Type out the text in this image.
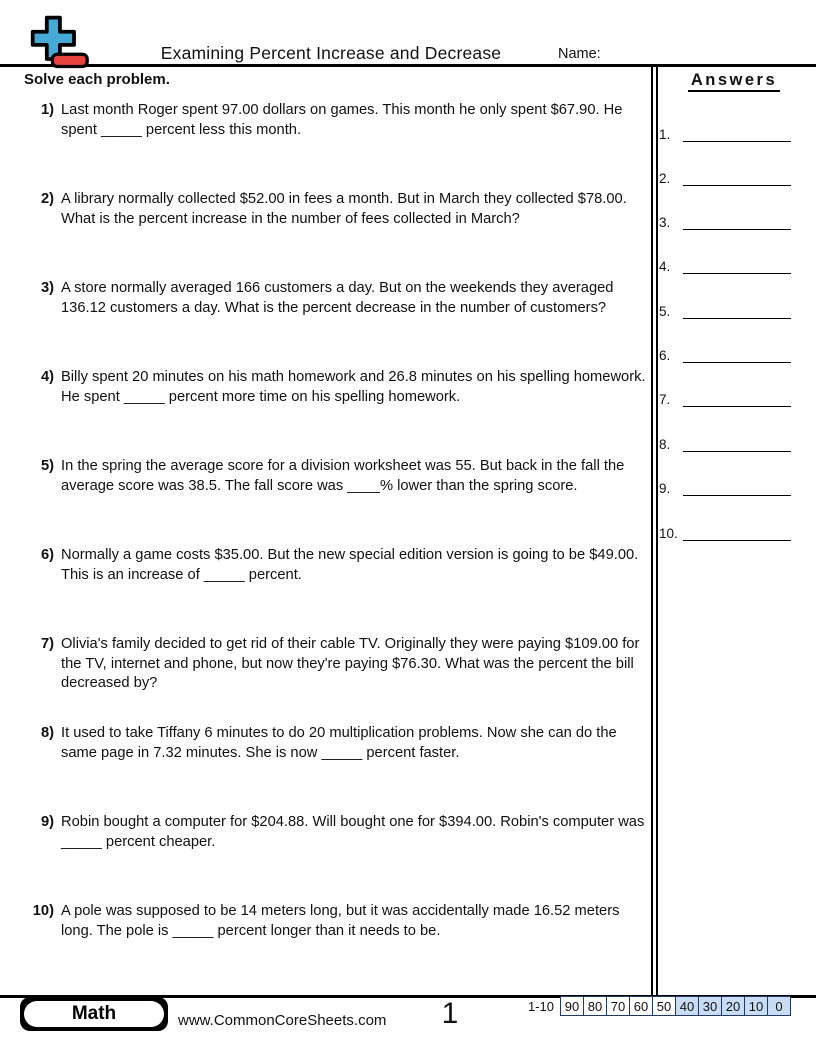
Examining Percent Increase and Decrease	Name:
Solve each problem.
1) Last month Roger spent 97.00 dollars on games. This month he only spent $67.90. He spent _____ percent less this month.
2) A library normally collected $52.00 in fees a month. But in March they collected $78.00. What is the percent increase in the number of fees collected in March?
3) A store normally averaged 166 customers a day. But on the weekends they averaged 136.12 customers a day. What is the percent decrease in the number of customers?
4) Billy spent 20 minutes on his math homework and 26.8 minutes on his spelling homework. He spent _____ percent more time on his spelling homework.
5) In the spring the average score for a division worksheet was 55. But back in the fall the average score was 38.5. The fall score was ____% lower than the spring score.
6) Normally a game costs $35.00. But the new special edition version is going to be $49.00. This is an increase of _____ percent.
7) Olivia's family decided to get rid of their cable TV. Originally they were paying $109.00 for the TV, internet and phone, but now they're paying $76.30. What was the percent the bill decreased by?
8) It used to take Tiffany 6 minutes to do 20 multiplication problems. Now she can do the same page in 7.32 minutes. She is now _____ percent faster.
9) Robin bought a computer for $204.88. Will bought one for $394.00. Robin's computer was _____ percent cheaper.
10) A pole was supposed to be 14 meters long, but it was accidentally made 16.52 meters long. The pole is _____ percent longer than it needs to be.
Answers
1.
2.
3.
4.
5.
6.
7.
8.
9.
10.
Math	www.CommonCoreSheets.com	1	1-10 90 80 70 60 50 40 30 20 10 0
